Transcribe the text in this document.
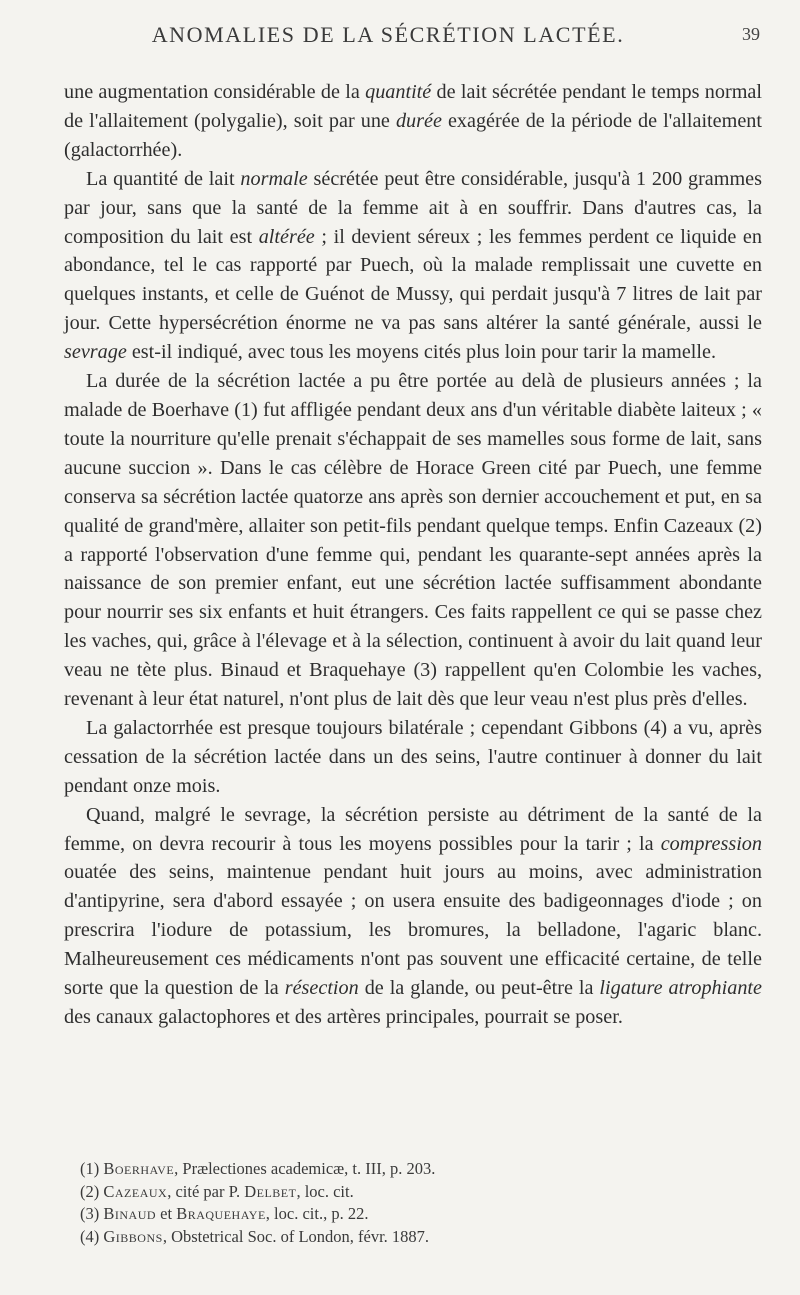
ANOMALIES DE LA SÉCRÉTION LACTÉE.	39

une augmentation considérable de la quantité de lait sécrétée pendant le temps normal de l'allaitement (polygalie), soit par une durée exagérée de la période de l'allaitement (galactorrhée).

La quantité de lait normale sécrétée peut être considérable, jusqu'à 1 200 grammes par jour, sans que la santé de la femme ait à en souffrir. Dans d'autres cas, la composition du lait est altérée ; il devient séreux ; les femmes perdent ce liquide en abondance, tel le cas rapporté par Puech, où la malade remplissait une cuvette en quelques instants, et celle de Guénot de Mussy, qui perdait jusqu'à 7 litres de lait par jour. Cette hypersécrétion énorme ne va pas sans altérer la santé générale, aussi le sevrage est-il indiqué, avec tous les moyens cités plus loin pour tarir la mamelle.

La durée de la sécrétion lactée a pu être portée au delà de plusieurs années ; la malade de Boerhave (1) fut affligée pendant deux ans d'un véritable diabète laiteux ; « toute la nourriture qu'elle prenait s'échappait de ses mamelles sous forme de lait, sans aucune succion ». Dans le cas célèbre de Horace Green cité par Puech, une femme conserva sa sécrétion lactée quatorze ans après son dernier accouchement et put, en sa qualité de grand'mère, allaiter son petit-fils pendant quelque temps. Enfin Cazeaux (2) a rapporté l'observation d'une femme qui, pendant les quarante-sept années après la naissance de son premier enfant, eut une sécrétion lactée suffisamment abondante pour nourrir ses six enfants et huit étrangers. Ces faits rappellent ce qui se passe chez les vaches, qui, grâce à l'élevage et à la sélection, continuent à avoir du lait quand leur veau ne tète plus. Binaud et Braquehaye (3) rappellent qu'en Colombie les vaches, revenant à leur état naturel, n'ont plus de lait dès que leur veau n'est plus près d'elles.

La galactorrhée est presque toujours bilatérale ; cependant Gibbons (4) a vu, après cessation de la sécrétion lactée dans un des seins, l'autre continuer à donner du lait pendant onze mois.

Quand, malgré le sevrage, la sécrétion persiste au détriment de la santé de la femme, on devra recourir à tous les moyens possibles pour la tarir ; la compression ouatée des seins, maintenue pendant huit jours au moins, avec administration d'antipyrine, sera d'abord essayée ; on usera ensuite des badigeonnages d'iode ; on prescrira l'iodure de potassium, les bromures, la belladone, l'agaric blanc. Malheureusement ces médicaments n'ont pas souvent une efficacité certaine, de telle sorte que la question de la résection de la glande, ou peut-être la ligature atrophiante des canaux galactophores et des artères principales, pourrait se poser.

(1) Boerhave, Prælectiones academicæ, t. III, p. 203.
(2) Cazeaux, cité par P. Delbet, loc. cit.
(3) Binaud et Braquehaye, loc. cit., p. 22.
(4) Gibbons, Obstetrical Soc. of London, févr. 1887.
